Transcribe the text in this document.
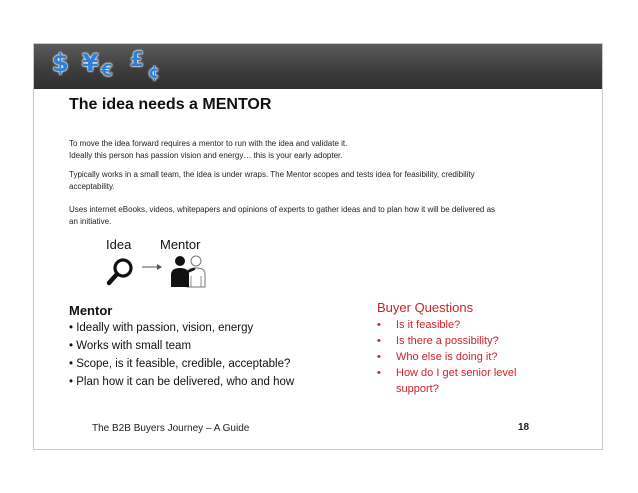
$ ¥ € £
¢
The idea needs a MENTOR
To move the idea forward requires a mentor to run with the idea and validate it.
Ideally this person has passion vision and energy… this is your early adopter.
Typically works in a small team, the idea is under wraps. The Mentor scopes and tests idea for feasibility, credibility
acceptability.
Uses internet eBooks, videos, whitepapers and opinions of experts to gather ideas and to plan how it will be delivered as
an initiative.
Idea Mentor
Mentor
• Ideally with passion, vision, energy
• Works with small team
• Scope, is it feasible, credible, acceptable?
• Plan how it can be delivered, who and how
Buyer Questions
• Is it feasible?
• Is there a possibility?
• Who else is doing it?
• How do I get senior level support?
The B2B Buyers Journey – A Guide	18
